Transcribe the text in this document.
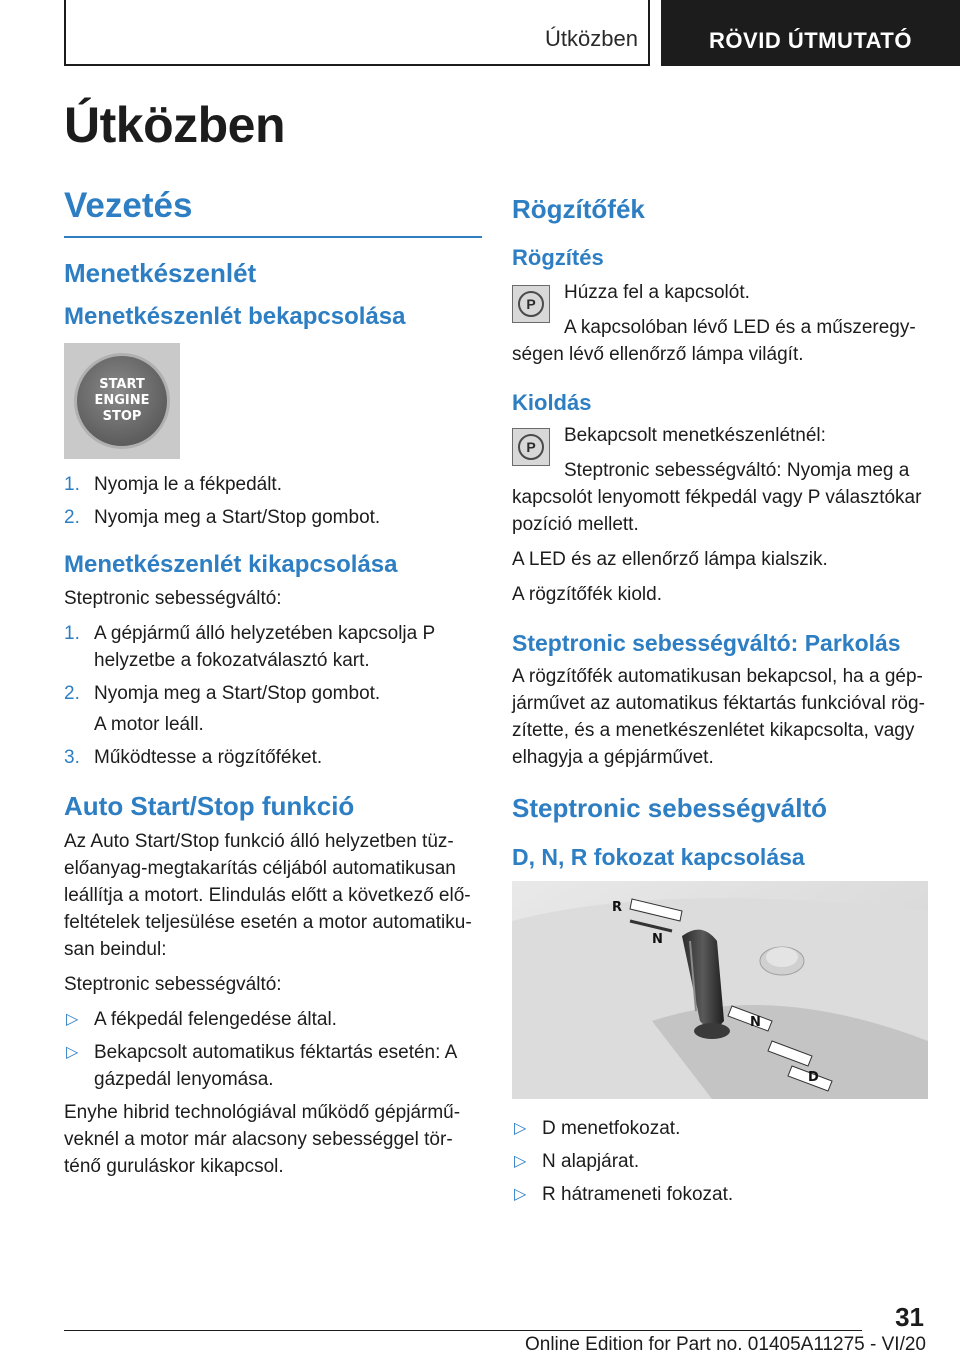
Útközben	RÖVID ÚTMUTATÓ
Útközben
Vezetés
Menetkészenlét
Menetkészenlét bekapcsolása
START
ENGINE
STOP
1. Nyomja le a fékpedált.
2. Nyomja meg a Start/Stop gombot.
Menetkészenlét kikapcsolása

Steptronic sebességváltó:

1. A gépjármű álló helyzetében kapcsolja P helyzetbe a fokozatválasztó kart.
2. Nyomja meg a Start/Stop gombot.
A motor leáll.
3. Működtesse a rögzítőféket.
Auto Start/Stop funkció

Az Auto Start/Stop funkció álló helyzetben tüzelőanyag-megtakarítás céljából automatikusan leállítja a motort. Elindulás előtt a következő előfeltételek teljesülése esetén a motor automatikusan beindul:

Steptronic sebességváltó:

▷ A fékpedál felengedése által.
▷ Bekapcsolt automatikus féktartás esetén: A gázpedál lenyomása.

Enyhe hibrid technológiával működő gépjárműveknél a motor már alacsony sebességgel történő guruláskor kikapcsol.

Rögzítőfék
Rögzítés
P

Húzza fel a kapcsolót.

A kapcsolóban lévő LED és a műszeregységen lévő ellenőrző lámpa világít.

Kioldás
P

Bekapcsolt menetkészenlétnél:

Steptronic sebességváltó: Nyomja meg a kapcsolót lenyomott fékpedál vagy P választókar pozíció mellett.

A LED és az ellenőrző lámpa kialszik.

A rögzítőfék kiold.

Steptronic sebességváltó: Parkolás

A rögzítőfék automatikusan bekapcsol, ha a gépjárművet az automatikus féktartás funkcióval rögzítette, és a menetkészenlétet kikapcsolta, vagy elhagyja a gépjárművet.

Steptronic sebességváltó
D, N, R fokozat kapcsolása
R
N
N
D
▷ D menetfokozat.
▷ N alapjárat.
▷ R hátrameneti fokozat.
31
Online Edition for Part no. 01405A11275 - VI/20
